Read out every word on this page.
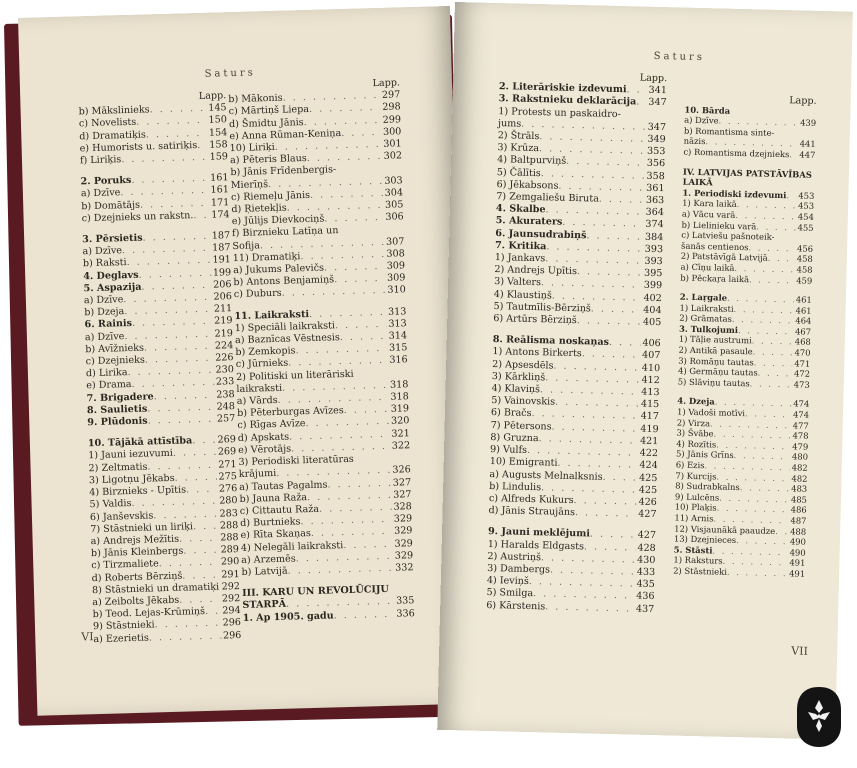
Saturs
Lapp.
b) Mākslinieks . . .	145
c) Novelists . . .	150
d) Dramatiķis . . .	154
e) Humorists u. satiriķis . . . 158
f) Liriķis . . .	159
2. Poruks . . .	161
a) Dzīve . . .	161
b) Domātājs . . .	171
c) Dzejnieks un rakstn. . . . 174
3. Pērsietis . . .	187
a) Dzīve . . .	187
b) Raksti . . .	191
4. Deglavs . . .	199
5. Aspazija . . .	206
a) Dzīve . . .	206
b) Dzeja . . .	211
6. Rainis . . .	219
a) Dzīve . . .	219
b) Avīžnieks . . .	224
c) Dzejnieks . . .	226
d) Lirika . . .	230
e) Drama . . .	233
7. Brigadere . . .	238
8. Saulietis . . .	248
9. Plūdonis . . .	257
10. Tājākā attīstība . . .	269
1) Jauni iezuvumi . . .	269
2) Zeltmatis . . .	271
3) Ligotņu Jēkabs . . .	275
4) Birznieks - Upītis . . .	276
5) Valdis . . .	280
6) Janševskis . . .	283
7) Stāstnieki un liriķi . . .	288
a) Andrejs Mežītis . . .	288
b) Jānis Kleinbergs . . .	289
c) Tirzmaliete . . .	290
d) Roberts Bērziņš . . .	291
8) Stāstnieki un dramatiķi . . . 292
a) Zeibolts Jēkabs . . .	292
b) Teod. Lejas-Krūmiņš . . . 294
9) Stāstnieki . . .	296
a) Ezerietis . . .	296
Lapp.
b) Mākonis . . .	297
c) Mārtiņš Liepa . . .	298
d) Šmidtu Jānis . . .	299
e) Anna Rūman-Keniņa . . .	300
10) Liriķi . . .	301
a) Pēteris Blaus . . .	302
b) Jānis Frīdenbergis-
Mierīņš . . .	303
c) Riemeļu Jānis . . .	304
d) Ŗietekļis . . .	305
e) Jūlijs Dievkociņš . . .	306
f) Birznieku Latīņa un
Sofija . . .	307
11) Dramatiķi . . .	308
a) Jukums Palevičs . . .	309
b) Antons Benjamiņš . . .	309
c) Duburs . . .	310
11. Laikraksti . . .	313
1) Speciāli laikraksti . . .	313
a) Baznīcas Vēstnesis . . .	314
b) Zemkopis . . .	315
c) Jūrnieks . . .	316
2) Politiski un literāriski
laikraksti . . .	318
a) Vārds . . .	318
b) Pēterburgas Avīzes . . .	319
c) Rīgas Avīze . . .	320
d) Apskats . . .	321
e) Vērotājs . . .	322
3) Periodiski literatūras
krājumi . . .	326
a) Tautas Pagalms . . .	327
b) Jauna Raža . . .	327
c) Cittautu Raža . . .	328
d) Burtnieks . . .	329
e) Rīta Skaņas . . .	329
4) Nelegāli laikraksti . . .	329
a) Arzemēs . . .	329
b) Latvijā . . .	332
III. KARU UN REVOLŪCIJU
STARPĀ . . .	335
1. Ap 1905. gadu . . .	336
VI
Saturs
Lapp.
2. Literāriskie izdevumi . . . 341
3. Rakstnieku deklarācija . . . 347
1) Protests un paskaidro-
jums . . .	347
2) Štrāls . . .	349
3) Krūza . . .	353
4) Baltpurviņš . . .	356
5) Čālītis . . .	358
6) Jēkabsons . . .	361
7) Zemgaliešu Biruta . . .	363
4. Skalbe . . .	364
5. Akuraters . . .	374
6. Jaunsudrabiņš . . .	384
7. Kritika . . .	393
1) Jankavs . . .	393
2) Andrejs Upītis . . .	395
3) Valters . . .	399
4) Klaustiņš . . .	402
5) Tautmīlis-Bērziņš . . .	404
6) Artūrs Bērziņš . . .	405
8. Reālisma noskaņas . . .	406
1) Antons Birkerts . . .	407
2) Apsesdēls . . .	410
3) Kārkliņš . . .	412
4) Klaviņš . . .	413
5) Vainovskis . . .	415
6) Bračs . . .	417
7) Pētersons . . .	419
8) Gruzna . . .	421
9) Vulfs . . .	422
10) Emigranti . . .	424
a) Augusts Melnalksnis . . .	425
b) Lindulis . . .	425
c) Alfreds Kukurs . . .	426
d) Jānis Straujāns . . .	427
9. Jauni meklējumi . . .	427
1) Haralds Eldgasts . . .	428
2) Austriņš . . .	430
3) Dambergs . . .	433
4) Ieviņš . . .	435
5) Smilga . . .	436
6) Kārstenis . . .	437
Lapp.
10. Bārda
a) Dzīve . . .	439
b) Romantisma sinte-
nāzis . . .	441
c) Romantisma dzejnieks . . . 447
IV. LATVIJAS PATSTĀVĪBAS
LAIKĀ
1. Periodiski izdevumi . . . 453
1) Kara laikā . . .	453
a) Vācu varā . . .	454
b) Lielinieku varā . . .	455
c) Latviešu pašnoteik-
šanās centienos . . .	456
2) Patstāvīgā Latvijā . . .	458
a) Cīņu laikā . . .	458
b) Pēckaŗa laikā . . .	459
2. Laŗgale . . .	461
1) Laikraksti . . .	461
2) Grāmatas . . .	464
3. Tulkojumi . . .	467
1) Tāļie austrumi . . .	468
2) Antikā pasaule . . .	470
3) Romāņu tautas . . .	471
4) Germāņu tautas . . .	472
5) Slāviņu tautas . . .	473
4. Dzeja . . .	474
1) Vadoši motīvi . . .	474
2) Virza . . .	477
3) Švābe . . .	478
4) Rozītis . . .	479
5) Jānis Grīns . . .	480
6) Ezis . . .	482
7) Kurcijs . . .	482
8) Sudrabkalns . . .	483
9) Lulcēns . . .	485
10) Plaķis . . .	486
11) Arnis . . .	487
12) Visjaunākā paaudze . . . 488
13) Dzejnieces . . .	490
5. Stāsti . . .	490
1) Raksturs . . .	491
2) Stāstnieki . . .	491
VII
